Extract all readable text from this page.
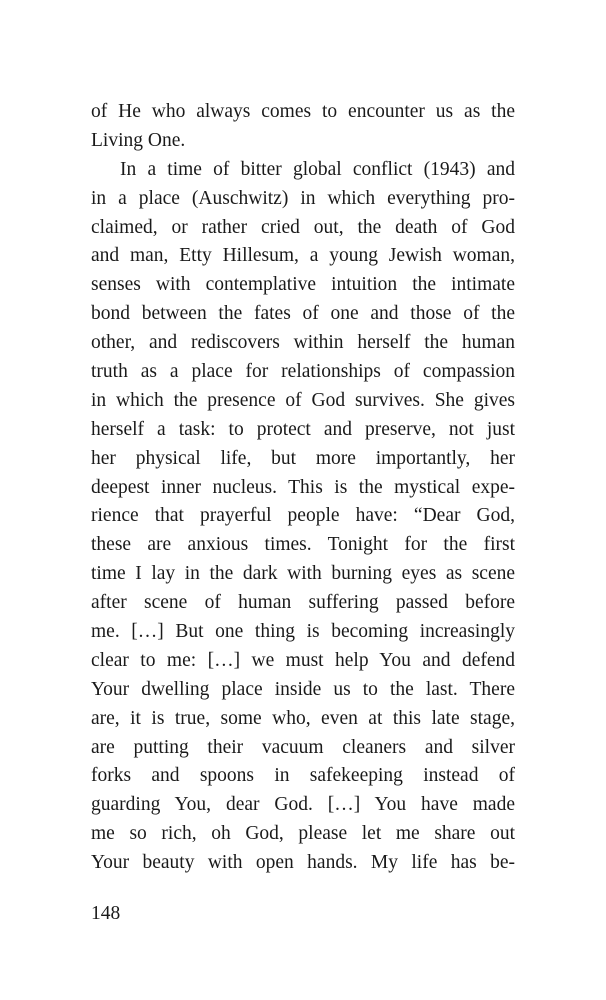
of He who always comes to encounter us as the
Living One.
In a time of bitter global conflict (1943) and
in a place (Auschwitz) in which everything pro-
claimed, or rather cried out, the death of God
and man, Etty Hillesum, a young Jewish woman,
senses with contemplative intuition the intimate
bond between the fates of one and those of the
other, and rediscovers within herself the human
truth as a place for relationships of compassion
in which the presence of God survives. She gives
herself a task: to protect and preserve, not just
her physical life, but more importantly, her
deepest inner nucleus. This is the mystical expe-
rience that prayerful people have: “Dear God,
these are anxious times. Tonight for the first
time I lay in the dark with burning eyes as scene
after scene of human suffering passed before
me. […] But one thing is becoming increasingly
clear to me: […] we must help You and defend
Your dwelling place inside us to the last. There
are, it is true, some who, even at this late stage,
are putting their vacuum cleaners and silver
forks and spoons in safekeeping instead of
guarding You, dear God. […] You have made
me so rich, oh God, please let me share out
Your beauty with open hands. My life has be-
148
